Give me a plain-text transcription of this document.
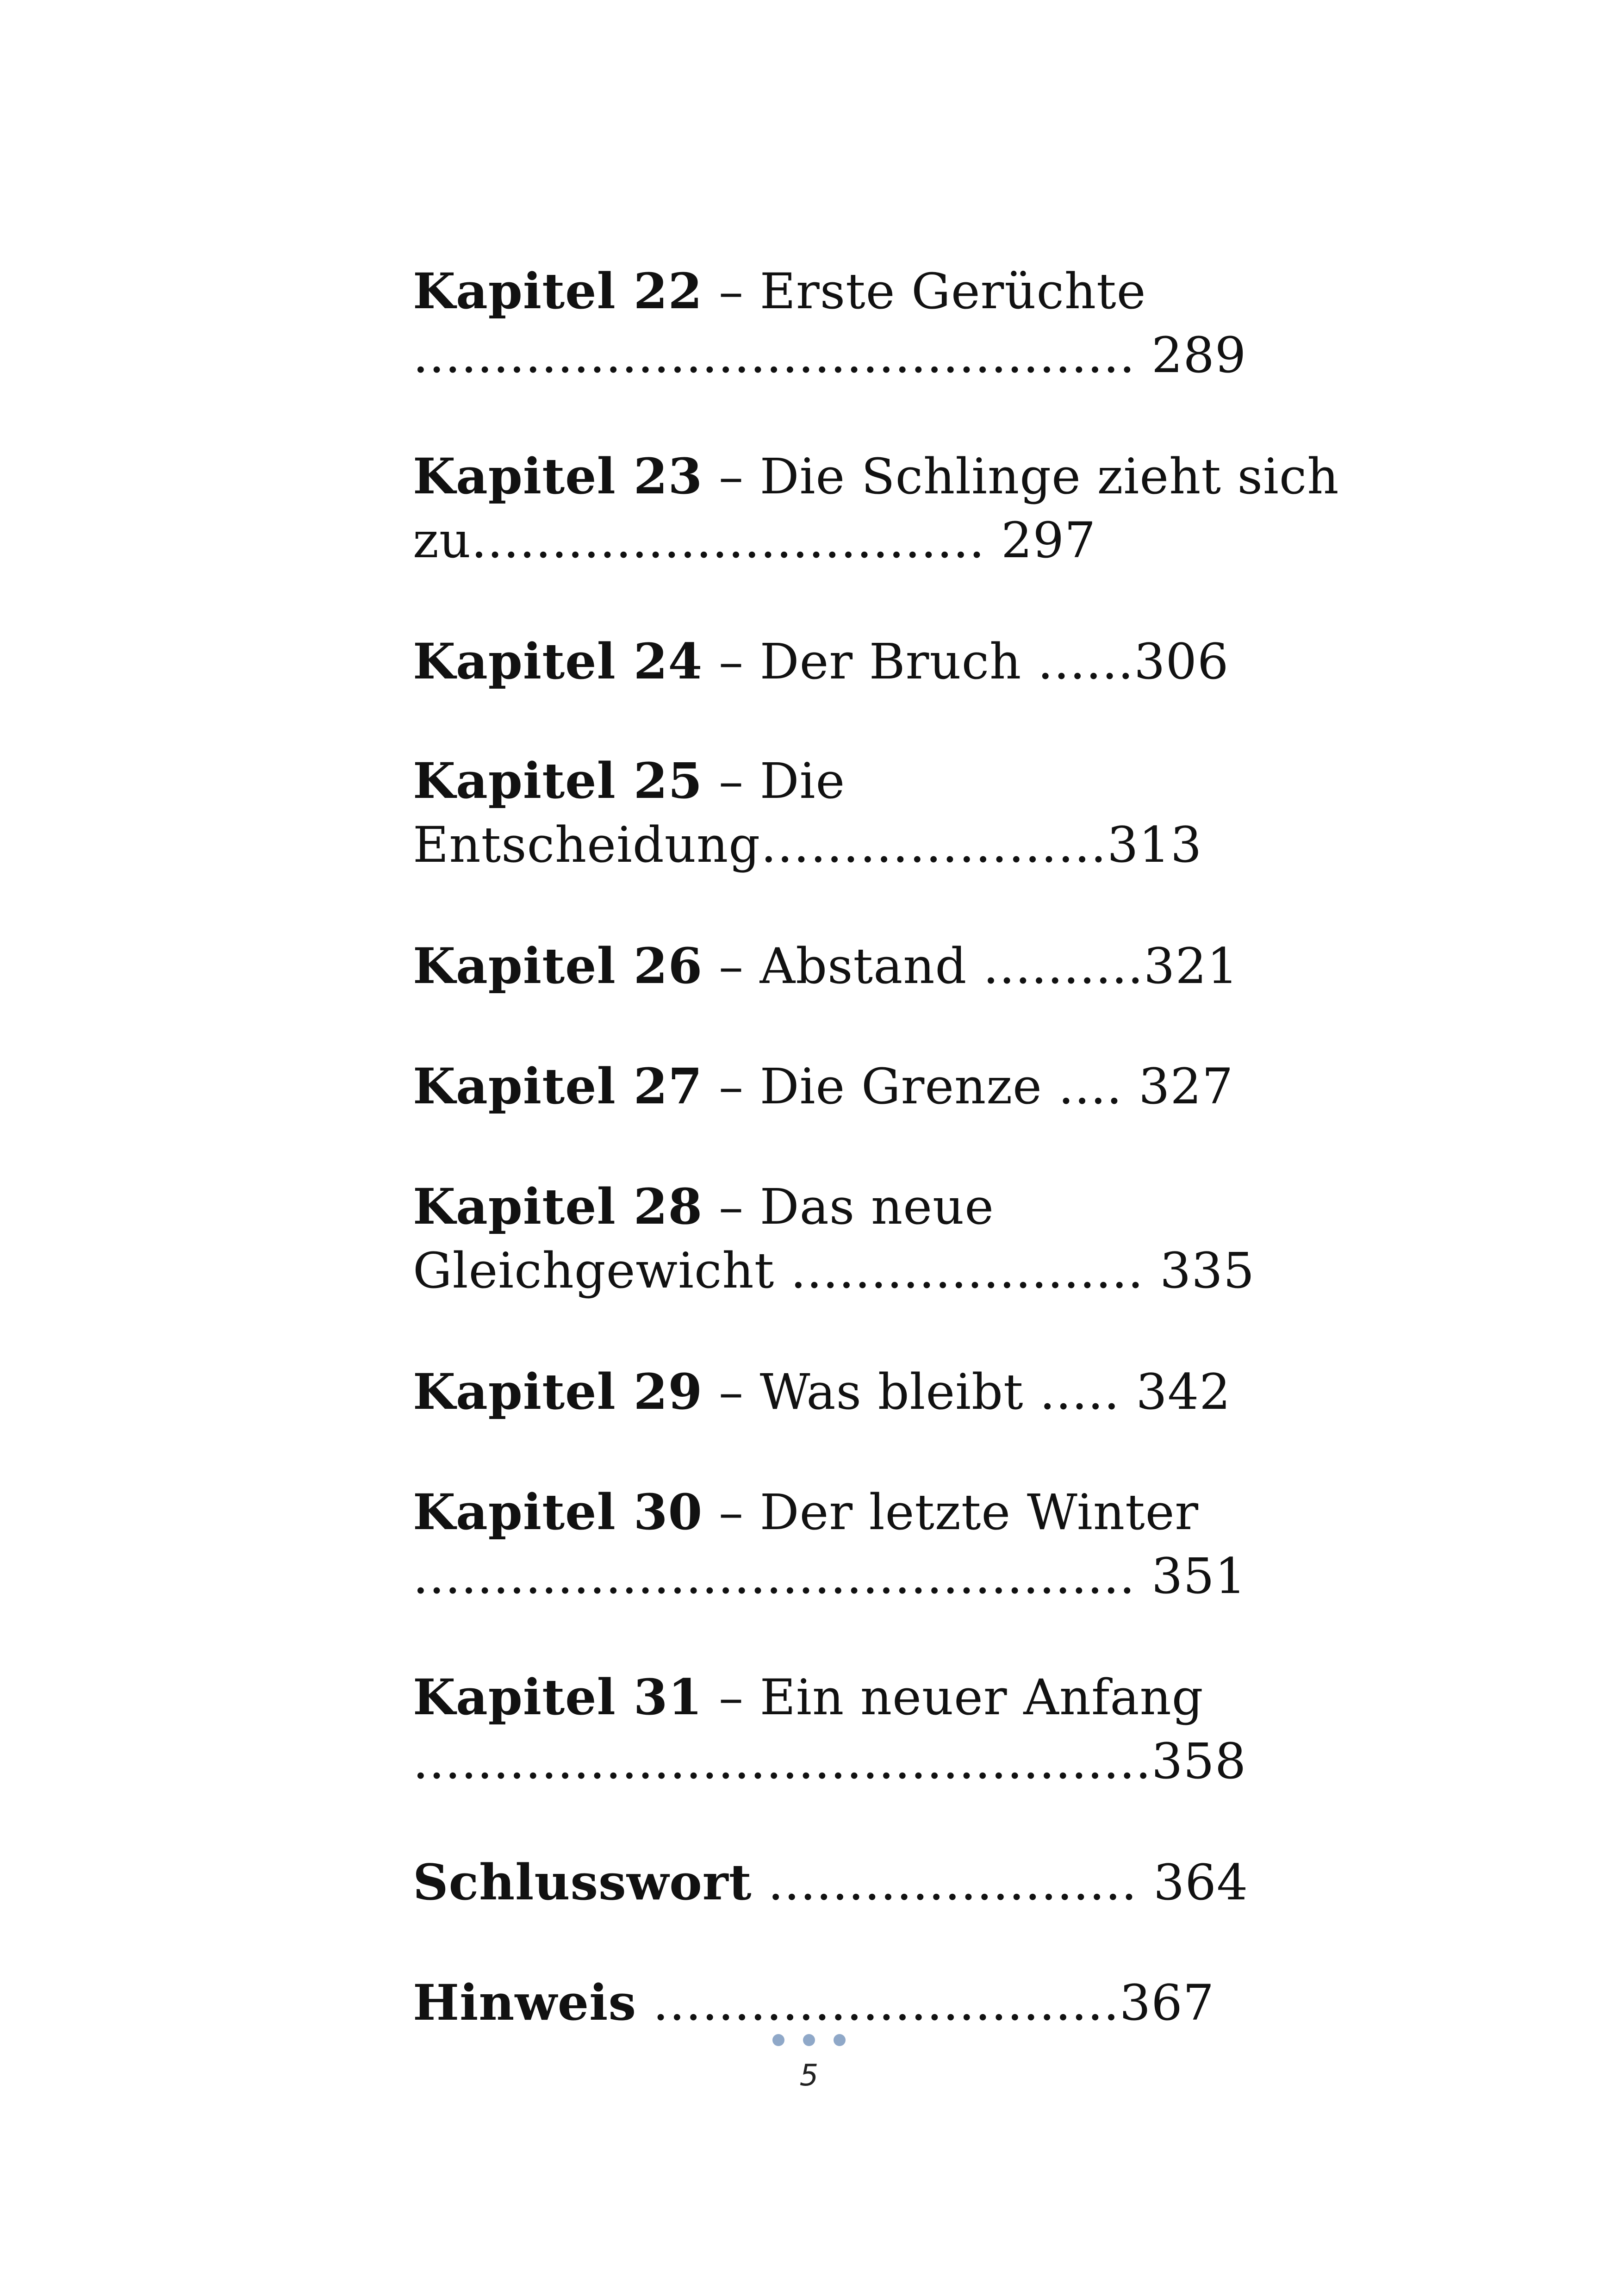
Kapitel 22 – Erste Gerüchte
............................................. 289
Kapitel 23 – Die Schlinge zieht sich
zu................................ 297
Kapitel 24 – Der Bruch ......306
Kapitel 25 – Die
Entscheidung…………………313
Kapitel 26 – Abstand ..........321
Kapitel 27 – Die Grenze .... 327
Kapitel 28 – Das neue
Gleichgewicht ...................... 335
Kapitel 29 – Was bleibt ..... 342
Kapitel 30 – Der letzte Winter
............................................. 351
Kapitel 31 – Ein neuer Anfang
..............................................358
Schlusswort ....................... 364
Hinweis …..........................367
5
